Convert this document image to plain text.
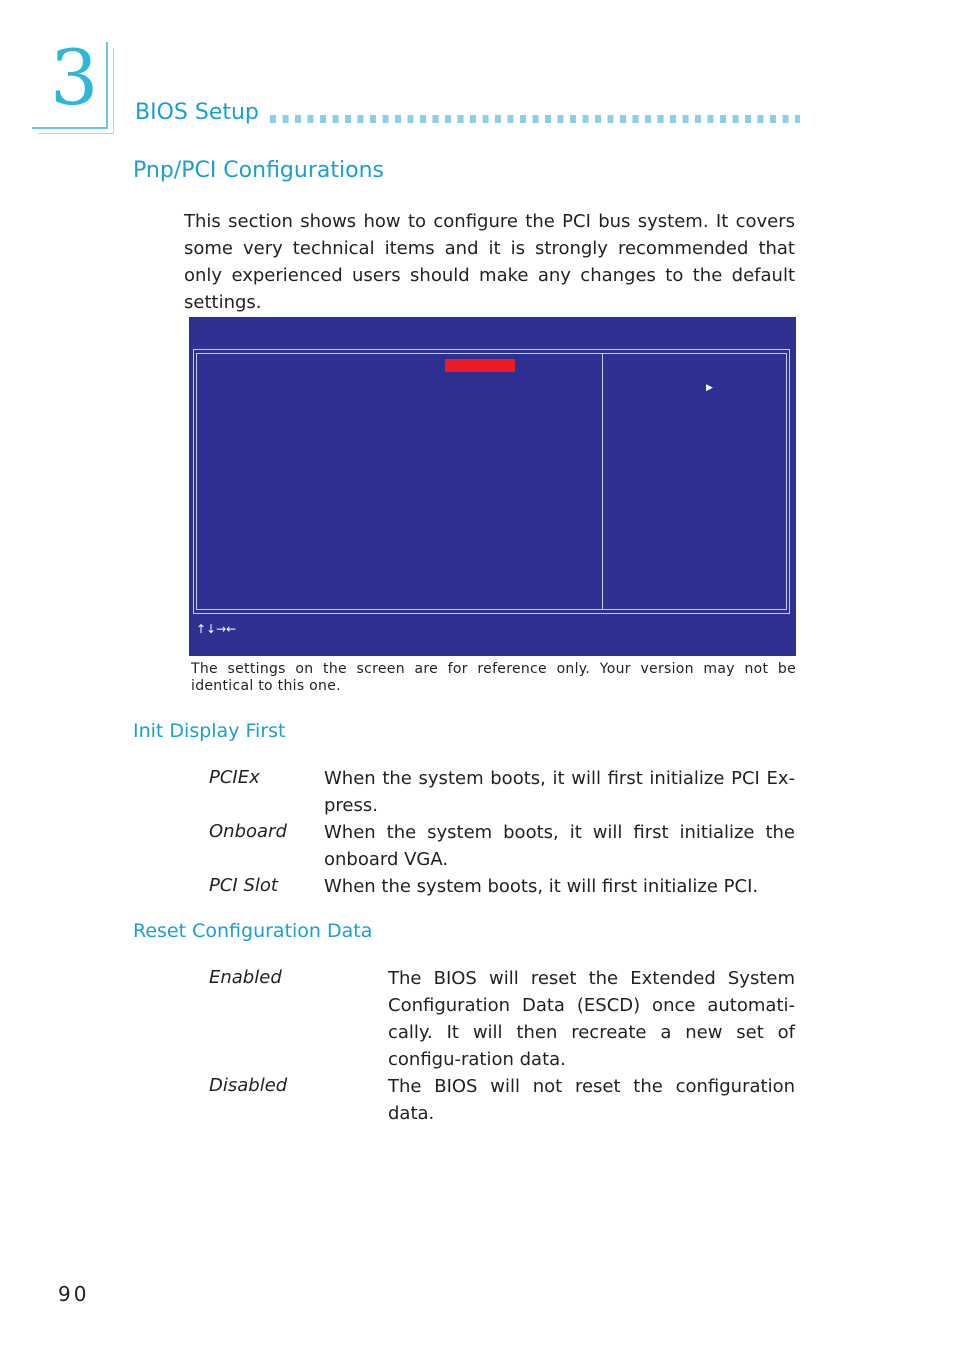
3 BIOS Setup
Pnp/PCI Configurations
This section shows how to configure the PCI bus system. It covers some very technical items and it is strongly recommended that only experienced users should make any changes to the default settings.
▶
↑↓→←
The settings on the screen are for reference only. Your version may not be identical to this one.
Init Display First
PCIEx	When the system boots, it will first initialize PCI Ex-press.
Onboard When the system boots, it will first initialize the onboard VGA.
PCI Slot	When the system boots, it will first initialize PCI.
Reset Configuration Data
Enabled	The BIOS will reset the Extended System Configuration Data (ESCD) once automati-cally. It will then recreate a new set of configu-ration data.
Disabled	The BIOS will not reset the configuration data.
90
